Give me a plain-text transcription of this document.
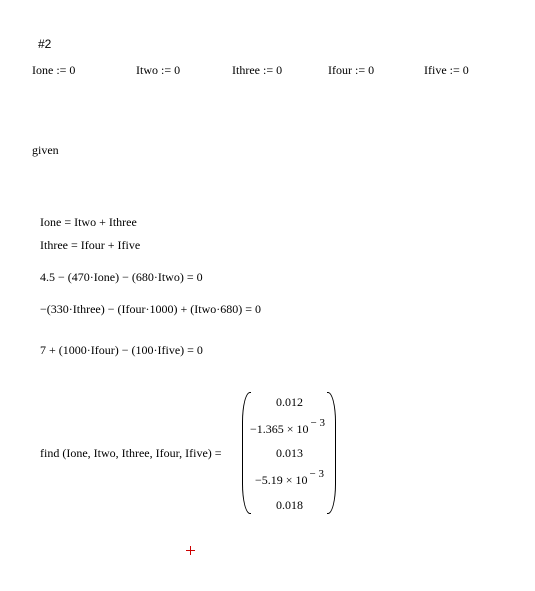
#2
Ione := 0	Itwo := 0	Ithree := 0	Ifour := 0	Ifive := 0
given
Ione = Itwo + Ithree
Ithree = Ifour + Ifive
4.5 − (470·Ione) − (680·Itwo) = 0
−(330·Ithree) − (Ifour·1000) + (Itwo·680) = 0
7 + (1000·Ifour) − (100·Ifive) = 0
find (Ione, Itwo, Ithree, Ifour, Ifive) =
0.012
−1.365 × 10 − 3
0.013
−5.19 × 10 − 3
0.018
